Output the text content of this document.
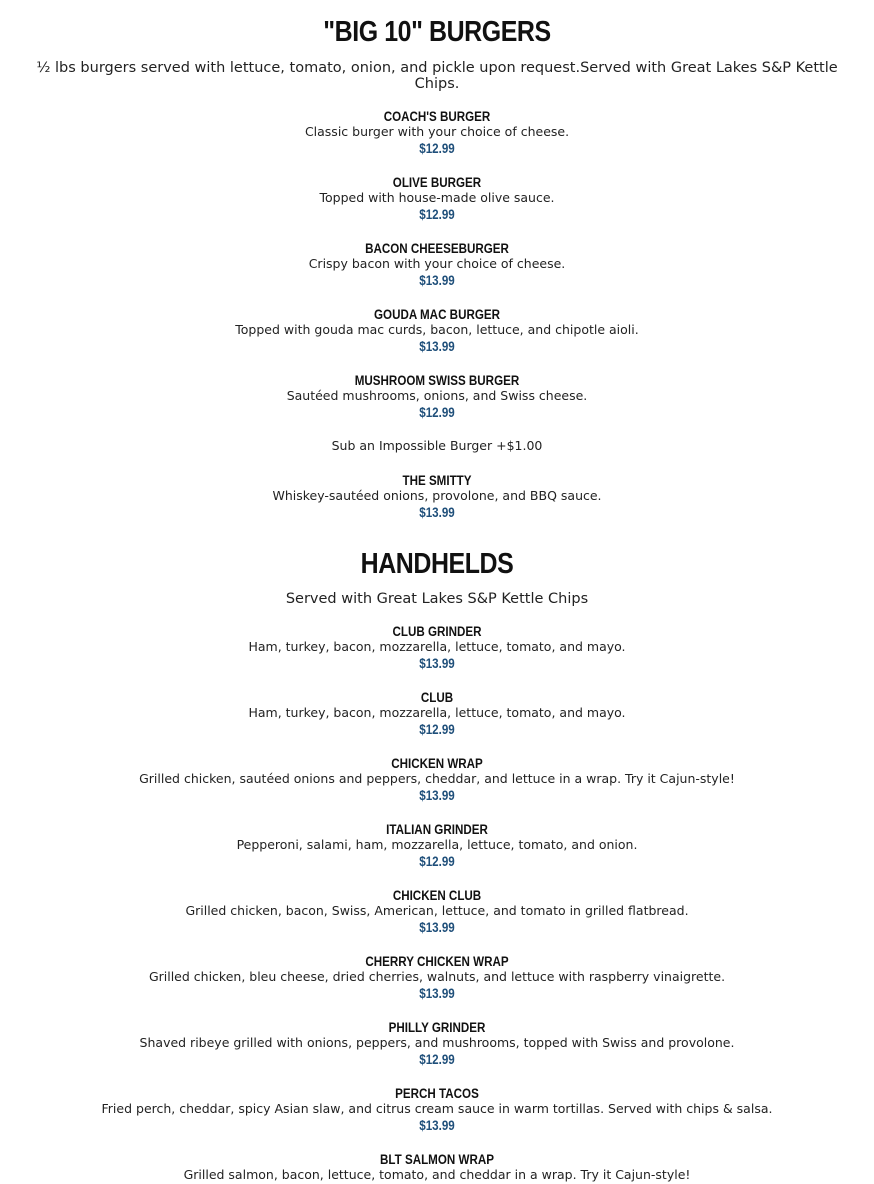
"BIG 10" BURGERS
½ lbs burgers served with lettuce, tomato, onion, and pickle upon request.Served with Great Lakes S&P Kettle Chips.
COACH'S BURGER
Classic burger with your choice of cheese.
$12.99
OLIVE BURGER
Topped with house-made olive sauce.
$12.99
BACON CHEESEBURGER
Crispy bacon with your choice of cheese.
$13.99
GOUDA MAC BURGER
Topped with gouda mac curds, bacon, lettuce, and chipotle aioli.
$13.99
MUSHROOM SWISS BURGER
Sautéed mushrooms, onions, and Swiss cheese.
$12.99
Sub an Impossible Burger +$1.00
THE SMITTY
Whiskey-sautéed onions, provolone, and BBQ sauce.
$13.99
HANDHELDS
Served with Great Lakes S&P Kettle Chips
CLUB GRINDER
Ham, turkey, bacon, mozzarella, lettuce, tomato, and mayo.
$13.99
CLUB
Ham, turkey, bacon, mozzarella, lettuce, tomato, and mayo.
$12.99
CHICKEN WRAP
Grilled chicken, sautéed onions and peppers, cheddar, and lettuce in a wrap. Try it Cajun-style!
$13.99
ITALIAN GRINDER
Pepperoni, salami, ham, mozzarella, lettuce, tomato, and onion.
$12.99
CHICKEN CLUB
Grilled chicken, bacon, Swiss, American, lettuce, and tomato in grilled flatbread.
$13.99
CHERRY CHICKEN WRAP
Grilled chicken, bleu cheese, dried cherries, walnuts, and lettuce with raspberry vinaigrette.
$13.99
PHILLY GRINDER
Shaved ribeye grilled with onions, peppers, and mushrooms, topped with Swiss and provolone.
$12.99
PERCH TACOS
Fried perch, cheddar, spicy Asian slaw, and citrus cream sauce in warm tortillas. Served with chips & salsa.
$13.99
BLT SALMON WRAP
Grilled salmon, bacon, lettuce, tomato, and cheddar in a wrap. Try it Cajun-style!
